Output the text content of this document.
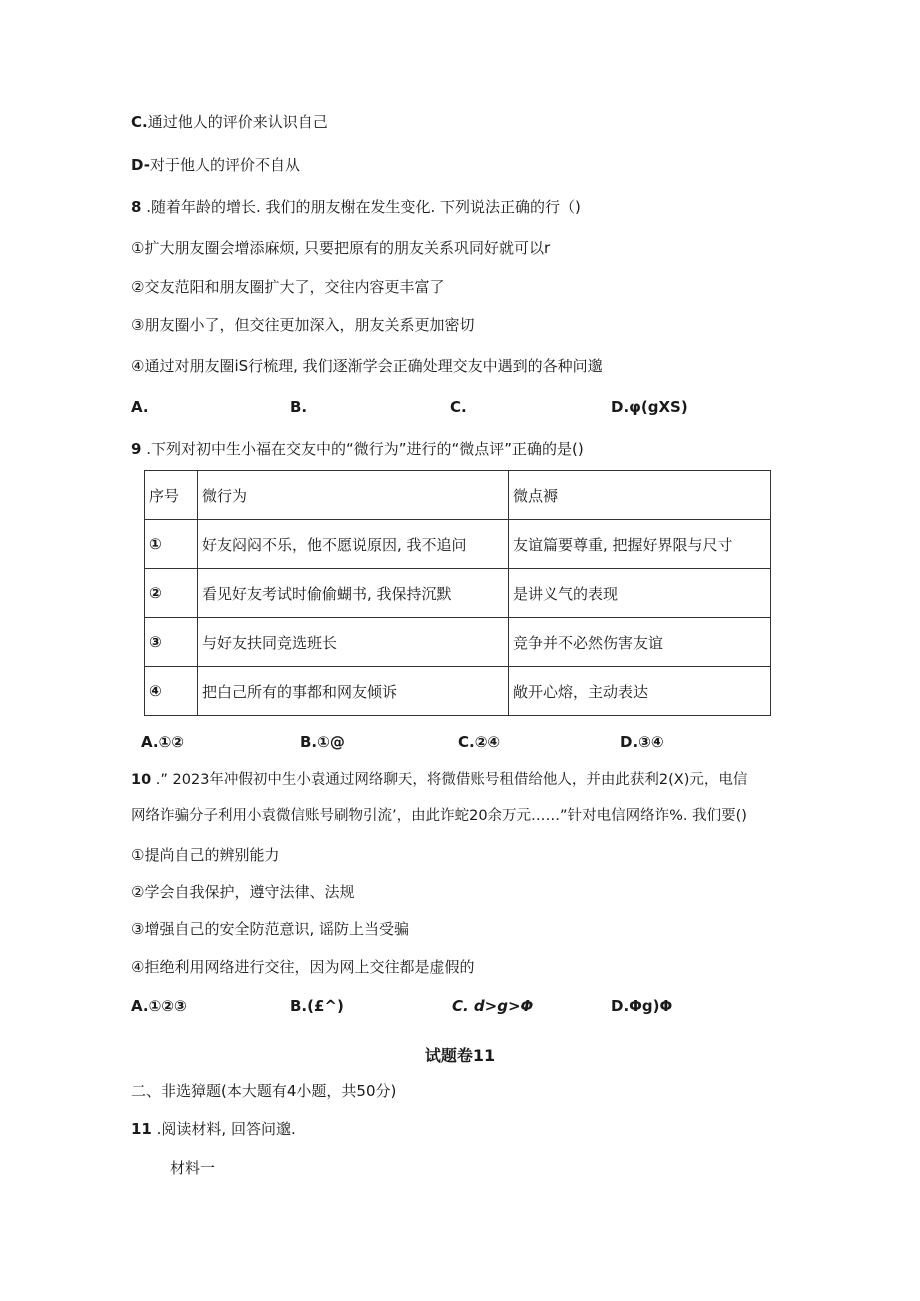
C.通过他人的评价来认识自己
D-对于他人的评价不自从
8 .随着年龄的增长. 我们的朋友榭在发生变化. 下列说法正确的行（)
①扩大朋友圈会增添麻烦, 只要把原有的朋友关系巩同好就可以r
②交友范阳和朋友圈扩大了，交往内容更丰富了
③朋友圈小了，但交往更加深入，朋友关系更加密切
④通过对朋友圈iS行梳理, 我们逐渐学会正确处理交友中遇到的各种问邈
A.	B.	C.	D.φ(gXS)
9 .下列对初中生小福在交友中的“微行为”进行的“微点评”正确的是()
序号	微行为	微点褥
①	好友闷闷不乐，他不愿说原因, 我不追问	友谊篇要尊重, 把握好界限与尺寸
②	看见好友考试时偷偷蝴书, 我保持沉默	是讲义气的表现
③	与好友扶同竞选班长	竞争并不必然伤害友谊
④	把白己所有的事都和网友倾诉	敞开心熔，主动表达
A.①②	B.①@	C.②④	D.③④
10 .” 2023年冲假初中生小袁通过网络聊天，将微借账号租借给他人，并由此获利2(X)元，电信
网络诈骗分子利用小袁微信账号刷物引流’，由此诈蛇20余万元……”针对电信网络诈%. 我们要()
①提尚自己的辨别能力
②学会自我保护，遵守法律、法规
③增强自己的安全防范意识, 谣防上当受骗
④拒绝利用网络进行交往，因为网上交往都是虚假的
A.①②③	B.(£^)	C. d>g>Φ	D.Φg)Φ
试题卷11
二、非选獐题(本大题有4小题，共50分)
11 .阅读材料, 回答问邈.
材料一
